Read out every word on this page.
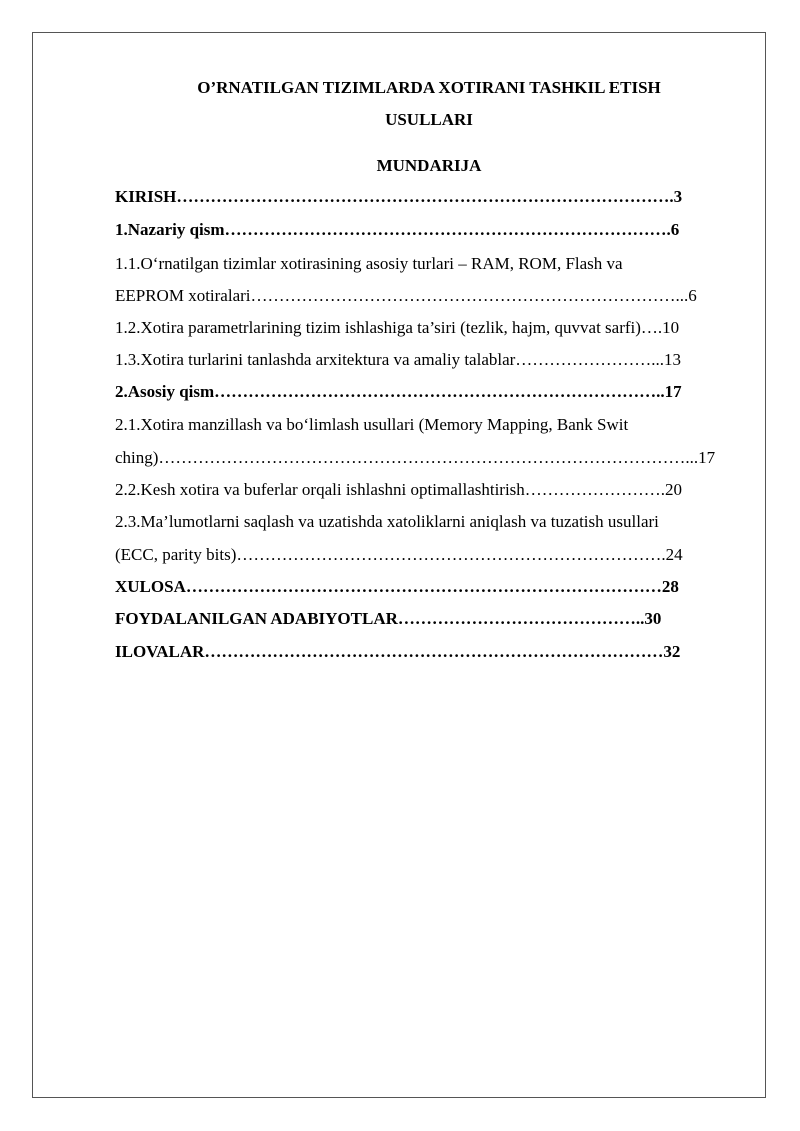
O’RNATILGAN TIZIMLARDA XOTIRANI TASHKIL ETISH
USULLARI
MUNDARIJA
KIRISH…………………………………………………………………………….3
1.Nazariy qism…………………………………………………………………….6
1.1.O‘rnatilgan tizimlar xotirasining asosiy turlari – RAM, ROM, Flash va
EEPROM xotiralari…………………………………………………………………...6
1.2.Xotira parametrlarining tizim ishlashiga ta’siri (tezlik, hajm, quvvat sarfi)….10
1.3.Xotira turlarini tanlashda arxitektura va amaliy talablar……………………...13
2.Asosiy qism……………………………………………………………………..17
2.1.Xotira manzillash va bo‘limlash usullari (Memory Mapping, Bank Swit
ching)…………………………………………………………………………………...17
2.2.Kesh xotira va buferlar orqali ishlashni optimallashtirish…………………….20
2.3.Ma’lumotlarni saqlash va uzatishda xatoliklarni aniqlash va tuzatish usullari
(ECC, parity bits)………………………………………………………………….24
XULOSA…………………………………………………………………………28
FOYDALANILGAN ADABIYOTLAR……………………………………..30
ILOVALAR………………………………………………………………………32
